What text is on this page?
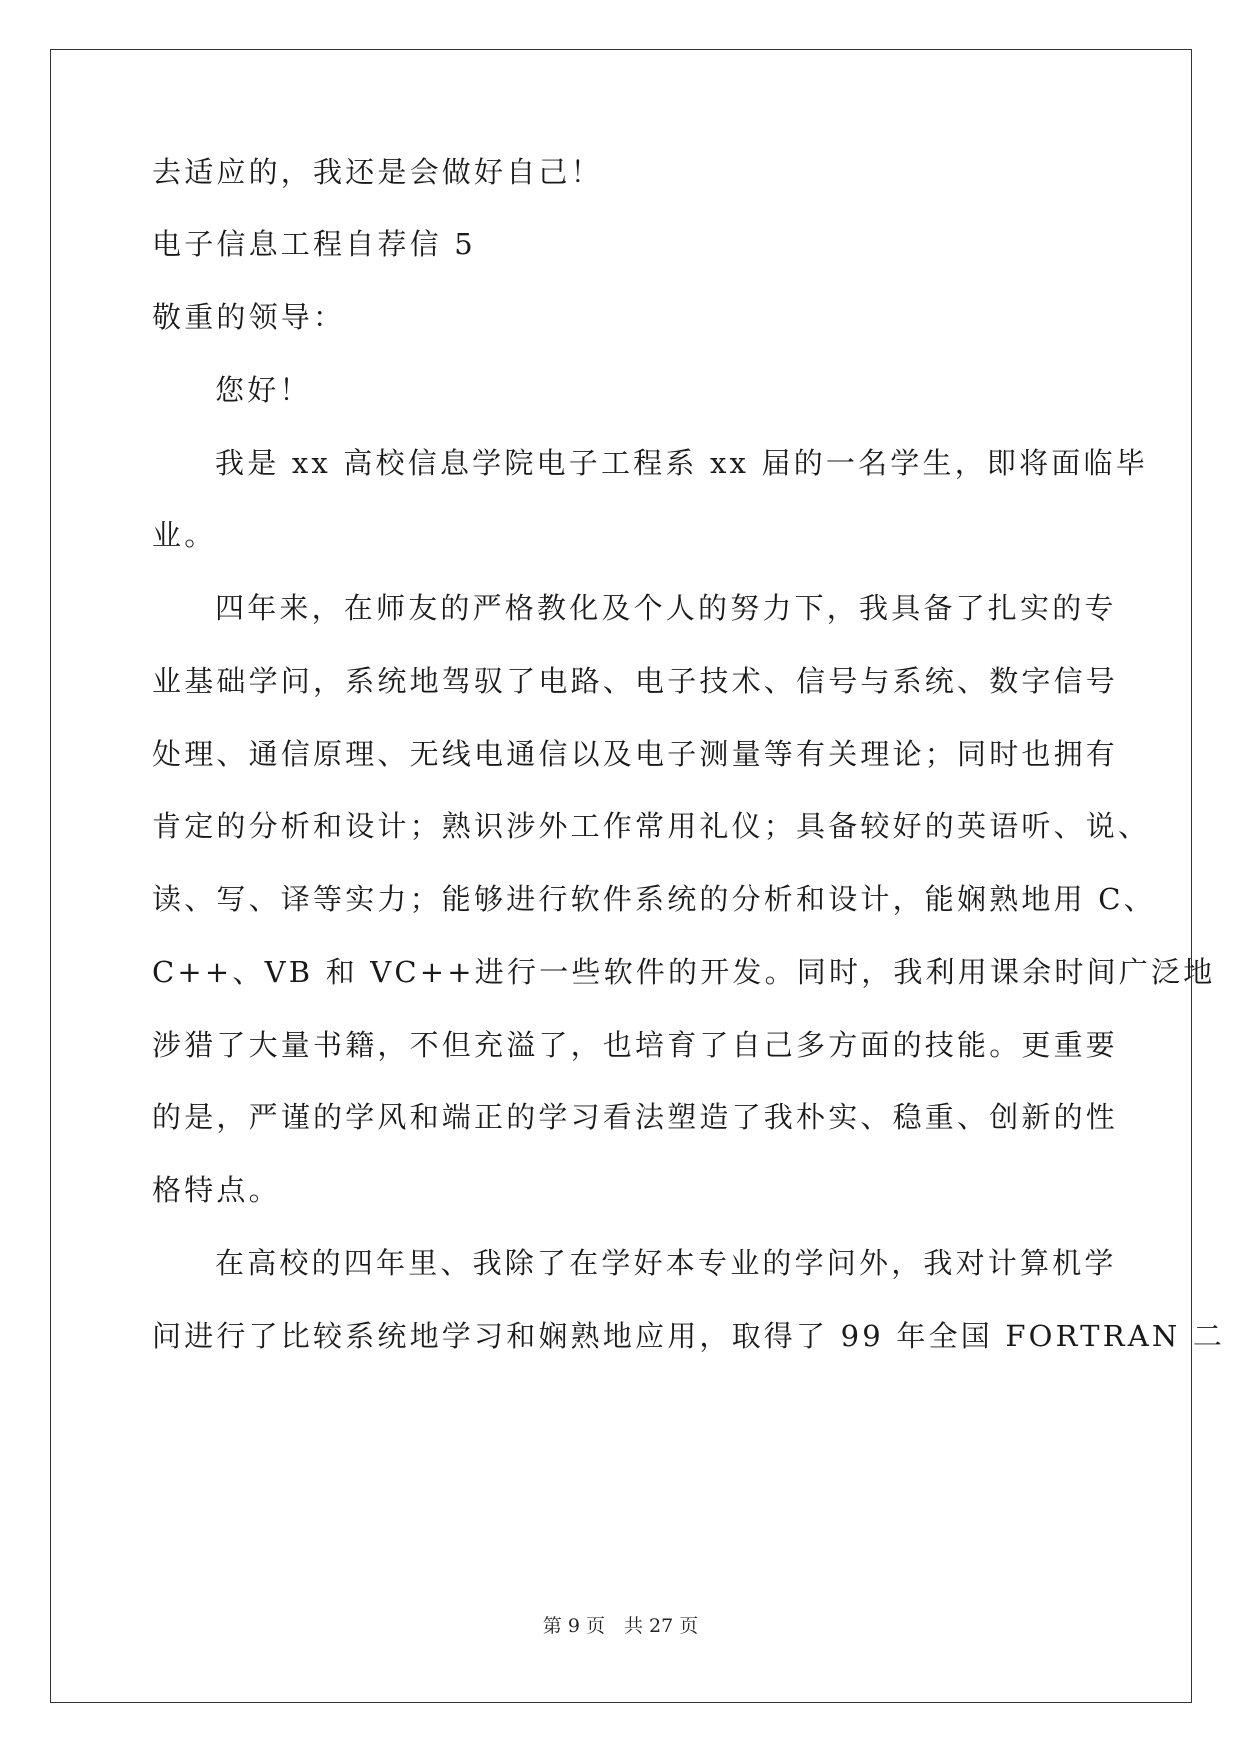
去适应的，我还是会做好自己！
电子信息工程自荐信 5
敬重的领导：
您好！
我是 xx 高校信息学院电子工程系 xx 届的一名学生，即将面临毕
业。
四年来，在师友的严格教化及个人的努力下，我具备了扎实的专
业基础学问，系统地驾驭了电路、电子技术、信号与系统、数字信号
处理、通信原理、无线电通信以及电子测量等有关理论；同时也拥有
肯定的分析和设计；熟识涉外工作常用礼仪；具备较好的英语听、说、
读、写、译等实力；能够进行软件系统的分析和设计，能娴熟地用 C、
C++、VB 和 VC++进行一些软件的开发。同时，我利用课余时间广泛地
涉猎了大量书籍，不但充溢了，也培育了自己多方面的技能。更重要
的是，严谨的学风和端正的学习看法塑造了我朴实、稳重、创新的性
格特点。
在高校的四年里、我除了在学好本专业的学问外，我对计算机学
问进行了比较系统地学习和娴熟地应用，取得了 99 年全国 FORTRAN 二
第 9 页　共 27 页
